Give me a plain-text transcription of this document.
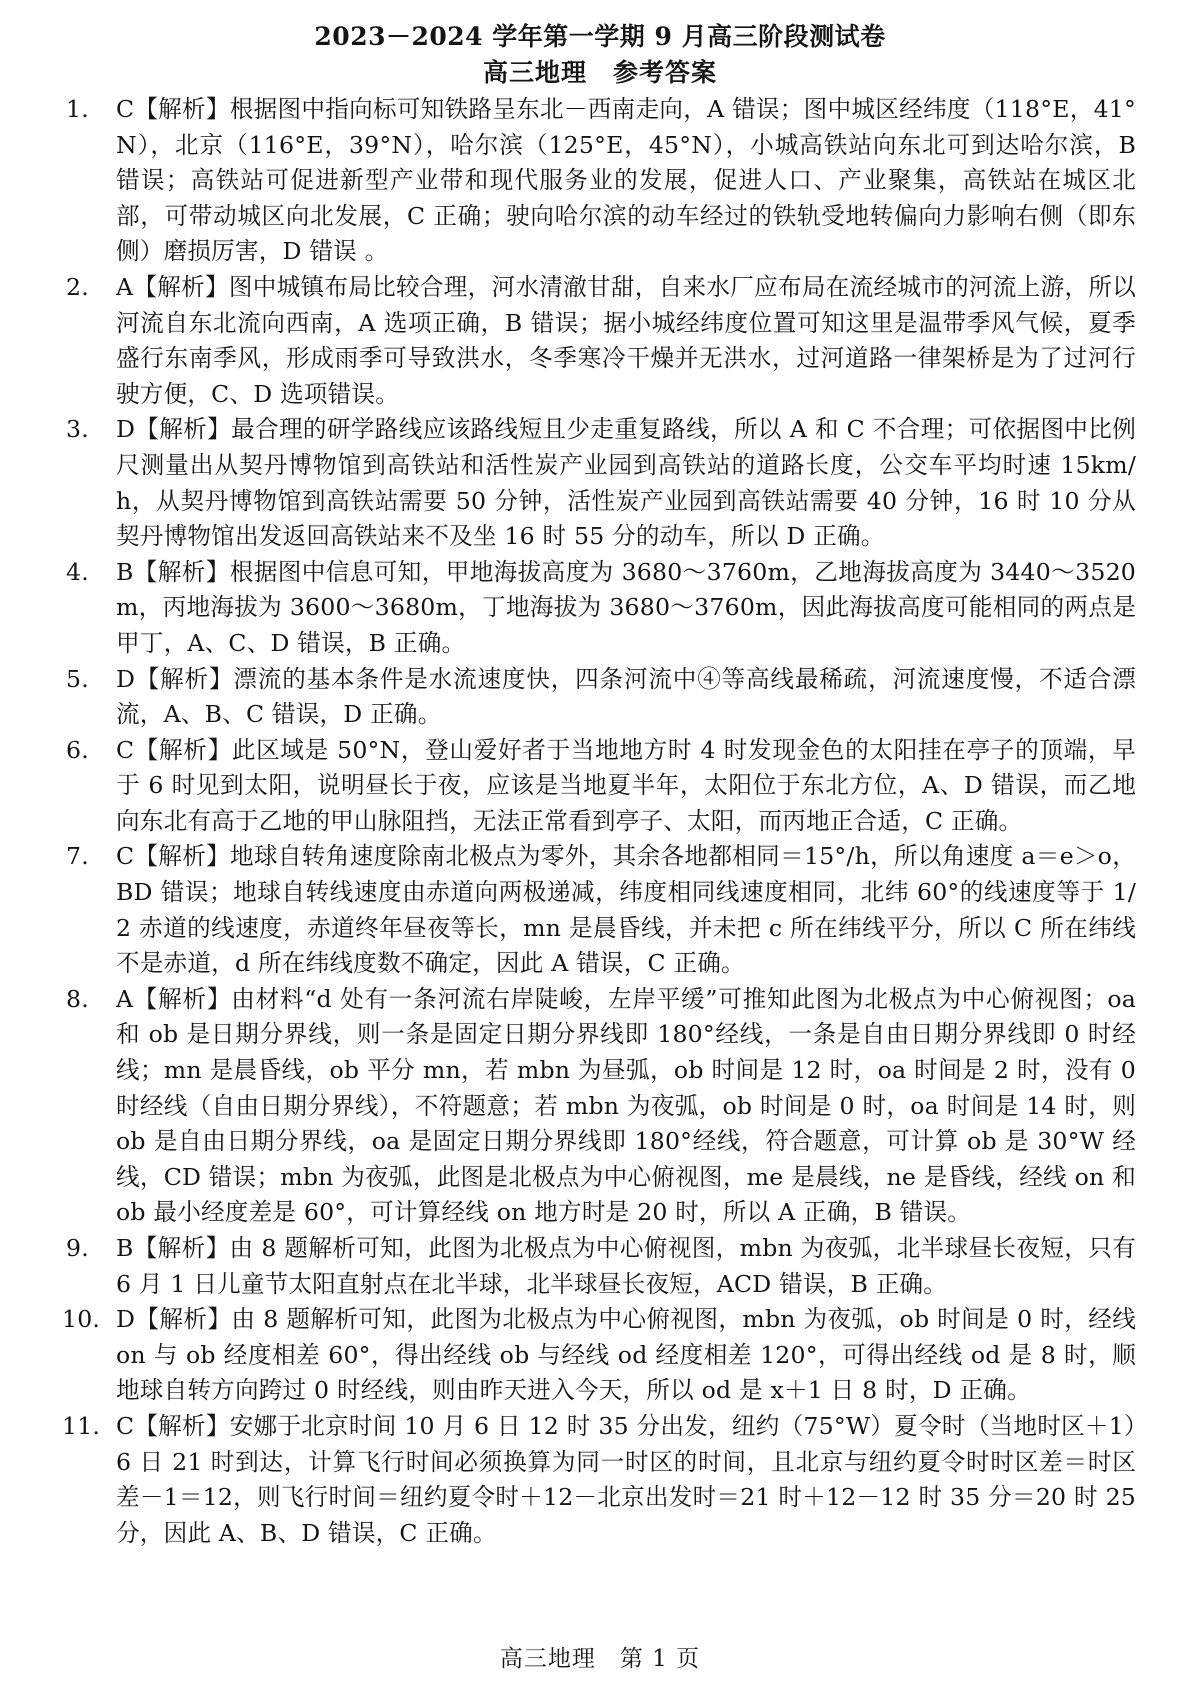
2023－2024 学年第一学期 9 月高三阶段测试卷
高三地理　参考答案
1. C【解析】根据图中指向标可知铁路呈东北－西南走向，A 错误；图中城区经纬度（118°E，41°N），北京（116°E，39°N），哈尔滨（125°E，45°N），小城高铁站向东北可到达哈尔滨，B 错误；高铁站可促进新型产业带和现代服务业的发展，促进人口、产业聚集，高铁站在城区北部，可带动城区向北发展，C 正确；驶向哈尔滨的动车经过的铁轨受地转偏向力影响右侧（即东侧）磨损厉害，D 错误 。
2. A【解析】图中城镇布局比较合理，河水清澈甘甜，自来水厂应布局在流经城市的河流上游，所以河流自东北流向西南，A 选项正确，B 错误；据小城经纬度位置可知这里是温带季风气候，夏季盛行东南季风，形成雨季可导致洪水，冬季寒冷干燥并无洪水，过河道路一律架桥是为了过河行驶方便，C、D 选项错误。
3. D【解析】最合理的研学路线应该路线短且少走重复路线，所以 A 和 C 不合理；可依据图中比例尺测量出从契丹博物馆到高铁站和活性炭产业园到高铁站的道路长度，公交车平均时速 15km/h，从契丹博物馆到高铁站需要 50 分钟，活性炭产业园到高铁站需要 40 分钟，16 时 10 分从契丹博物馆出发返回高铁站来不及坐 16 时 55 分的动车，所以 D 正确。
4. B【解析】根据图中信息可知，甲地海拔高度为 3680～3760m，乙地海拔高度为 3440～3520m，丙地海拔为 3600～3680m，丁地海拔为 3680～3760m，因此海拔高度可能相同的两点是甲丁，A、C、D 错误，B 正确。
5. D【解析】漂流的基本条件是水流速度快，四条河流中④等高线最稀疏，河流速度慢，不适合漂流，A、B、C 错误，D 正确。
6. C【解析】此区域是 50°N，登山爱好者于当地地方时 4 时发现金色的太阳挂在亭子的顶端，早于 6 时见到太阳，说明昼长于夜，应该是当地夏半年，太阳位于东北方位，A、D 错误，而乙地向东北有高于乙地的甲山脉阻挡，无法正常看到亭子、太阳，而丙地正合适，C 正确。
7. C【解析】地球自转角速度除南北极点为零外，其余各地都相同＝15°/h，所以角速度 a＝e＞o，BD 错误；地球自转线速度由赤道向两极递减，纬度相同线速度相同，北纬 60°的线速度等于 1/2 赤道的线速度，赤道终年昼夜等长，mn 是晨昏线，并未把 c 所在纬线平分，所以 C 所在纬线不是赤道，d 所在纬线度数不确定，因此 A 错误，C 正确。
8. A【解析】由材料“d 处有一条河流右岸陡峻，左岸平缓”可推知此图为北极点为中心俯视图；oa 和 ob 是日期分界线，则一条是固定日期分界线即 180°经线，一条是自由日期分界线即 0 时经线；mn 是晨昏线，ob 平分 mn，若 mbn 为昼弧，ob 时间是 12 时，oa 时间是 2 时，没有 0 时经线（自由日期分界线），不符题意；若 mbn 为夜弧，ob 时间是 0 时，oa 时间是 14 时，则 ob 是自由日期分界线，oa 是固定日期分界线即 180°经线，符合题意，可计算 ob 是 30°W 经线，CD 错误；mbn 为夜弧，此图是北极点为中心俯视图，me 是晨线，ne 是昏线，经线 on 和 ob 最小经度差是 60°，可计算经线 on 地方时是 20 时，所以 A 正确，B 错误。
9. B【解析】由 8 题解析可知，此图为北极点为中心俯视图，mbn 为夜弧，北半球昼长夜短，只有 6 月 1 日儿童节太阳直射点在北半球，北半球昼长夜短，ACD 错误，B 正确。
10. D【解析】由 8 题解析可知，此图为北极点为中心俯视图，mbn 为夜弧，ob 时间是 0 时，经线 on 与 ob 经度相差 60°，得出经线 ob 与经线 od 经度相差 120°，可得出经线 od 是 8 时，顺地球自转方向跨过 0 时经线，则由昨天进入今天，所以 od 是 x＋1 日 8 时，D 正确。
11. C【解析】安娜于北京时间 10 月 6 日 12 时 35 分出发，纽约（75°W）夏令时（当地时区＋1）6 日 21 时到达，计算飞行时间必须换算为同一时区的时间，且北京与纽约夏令时时区差＝时区差－1＝12，则飞行时间＝纽约夏令时＋12－北京出发时＝21 时＋12－12 时 35 分＝20 时 25 分，因此 A、B、D 错误，C 正确。
高三地理　第 1 页
